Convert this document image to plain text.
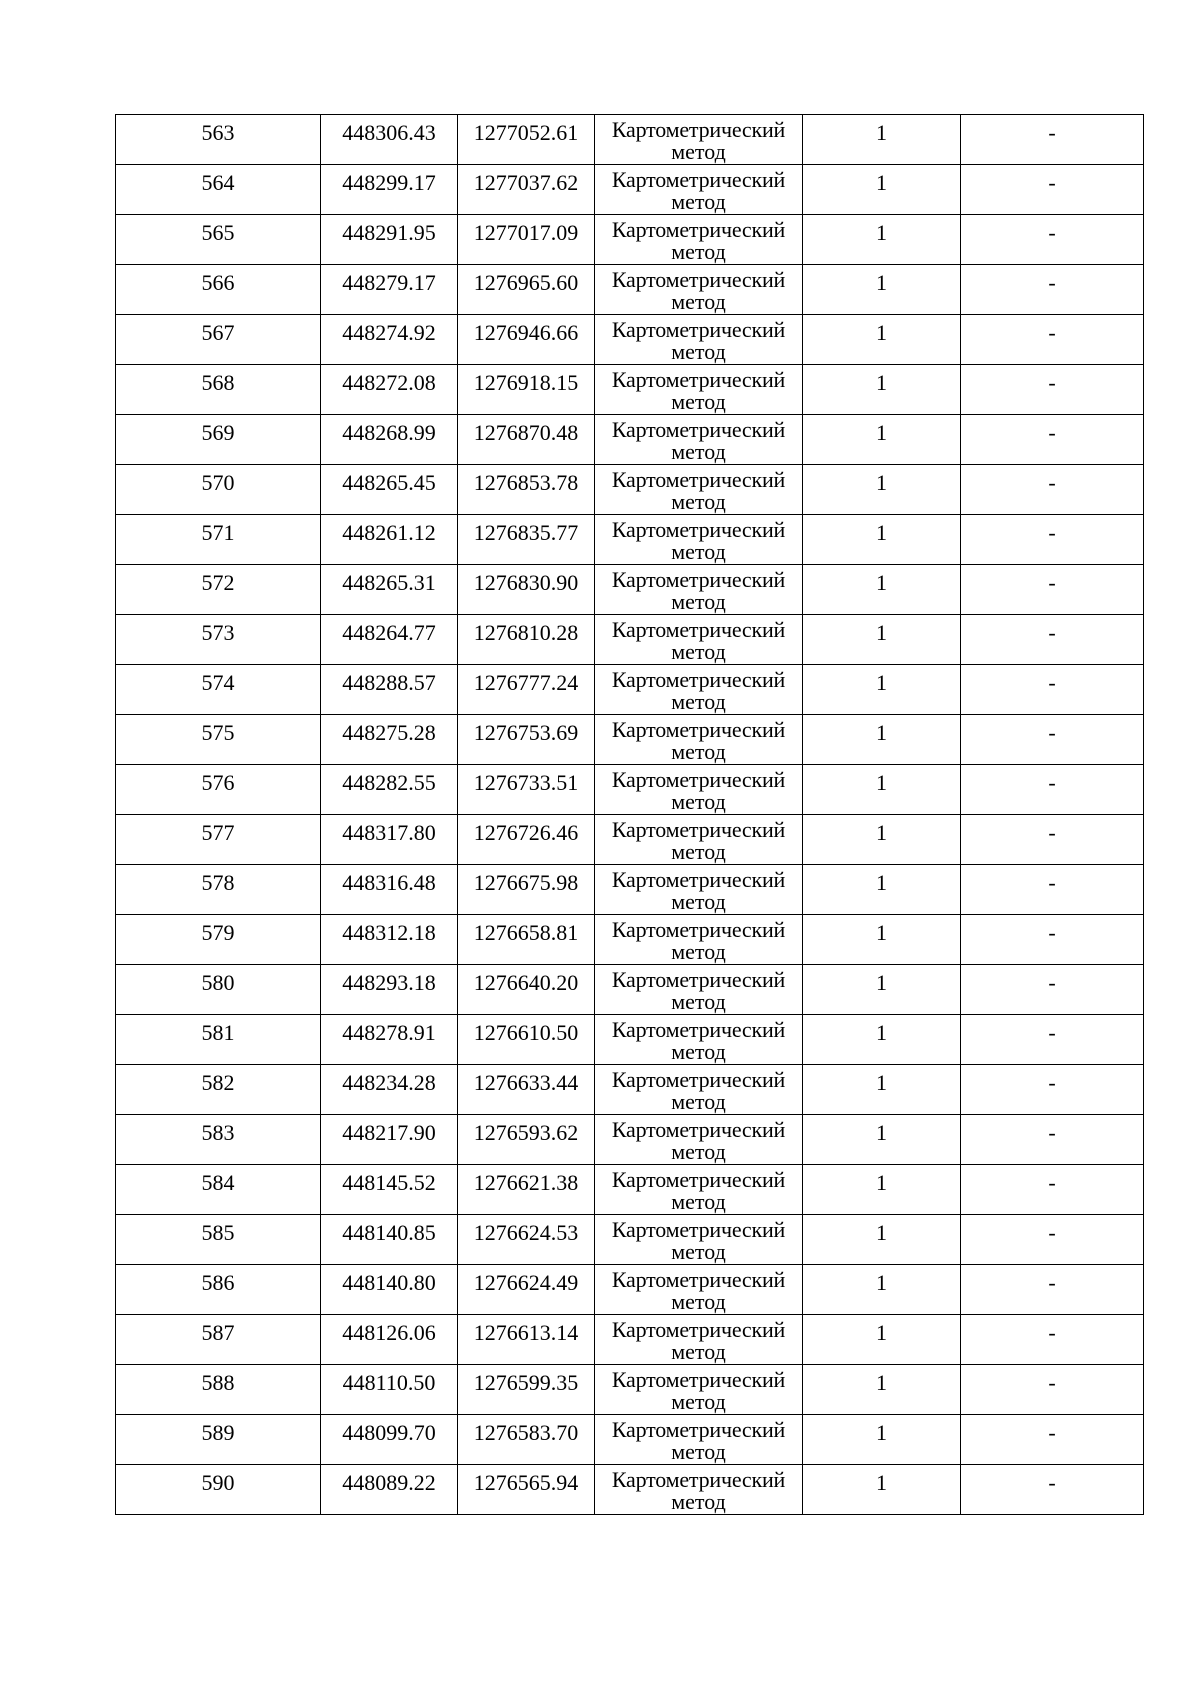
563	448306.43	1277052.61	Картометрический
метод	1	-

564	448299.17	1277037.62	Картометрический
метод	1	-

565	448291.95	1277017.09	Картометрический
метод	1	-

566	448279.17	1276965.60	Картометрический
метод	1	-

567	448274.92	1276946.66	Картометрический
метод	1	-

568	448272.08	1276918.15	Картометрический
метод	1	-

569	448268.99	1276870.48	Картометрический
метод	1	-

570	448265.45	1276853.78	Картометрический
метод	1	-

571	448261.12	1276835.77	Картометрический
метод	1	-

572	448265.31	1276830.90	Картометрический
метод	1	-

573	448264.77	1276810.28	Картометрический
метод	1	-

574	448288.57	1276777.24	Картометрический
метод	1	-

575	448275.28	1276753.69	Картометрический
метод	1	-

576	448282.55	1276733.51	Картометрический
метод	1	-

577	448317.80	1276726.46	Картометрический
метод	1	-

578	448316.48	1276675.98	Картометрический
метод	1	-

579	448312.18	1276658.81	Картометрический
метод	1	-

580	448293.18	1276640.20	Картометрический
метод	1	-

581	448278.91	1276610.50	Картометрический
метод	1	-

582	448234.28	1276633.44	Картометрический
метод	1	-

583	448217.90	1276593.62	Картометрический
метод	1	-

584	448145.52	1276621.38	Картометрический
метод	1	-

585	448140.85	1276624.53	Картометрический
метод	1	-

586	448140.80	1276624.49	Картометрический
метод	1	-

587	448126.06	1276613.14	Картометрический
метод	1	-

588	448110.50	1276599.35	Картометрический
метод	1	-

589	448099.70	1276583.70	Картометрический
метод	1	-

590	448089.22	1276565.94	Картометрический
метод	1	-
